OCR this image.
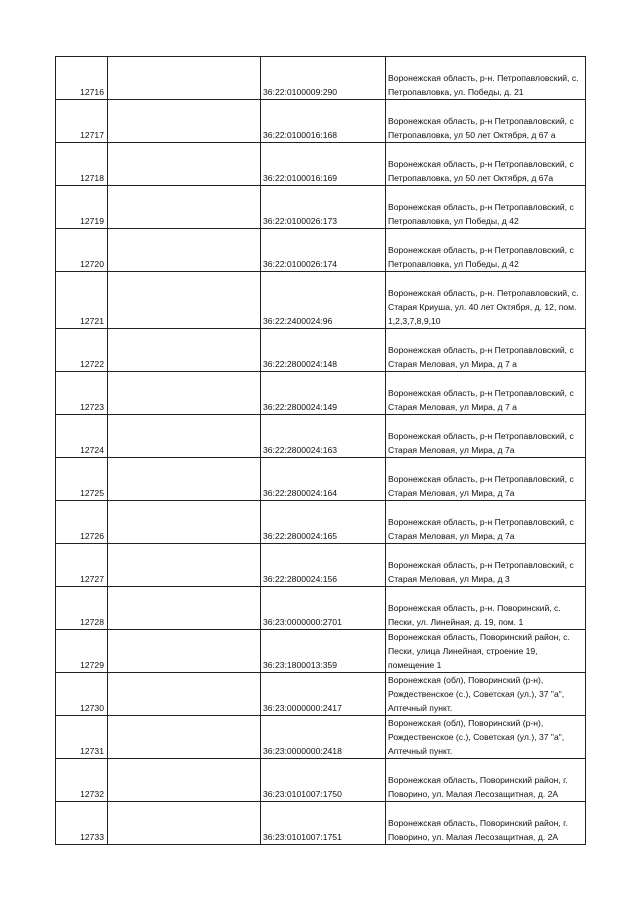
12716		36:22:0100009:290	Воронежская область, р-н. Петропавловский, с. Петропавловка, ул. Победы, д. 21
12717		36:22:0100016:168	Воронежская область, р-н Петропавловский, с Петропавловка, ул 50 лет Октября, д 67 а
12718		36:22:0100016:169	Воронежская область, р-н Петропавловский, с Петропавловка, ул 50 лет Октября, д 67а
12719		36:22:0100026:173	Воронежская область, р-н Петропавловский, с Петропавловка, ул Победы, д 42
12720		36:22:0100026:174	Воронежская область, р-н Петропавловский, с Петропавловка, ул Победы, д 42
12721		36:22:2400024:96	Воронежская область, р-н. Петропавловский, с. Старая Криуша, ул. 40 лет Октября, д. 12, пом. 1,2,3,7,8,9,10
12722		36:22:2800024:148	Воронежская область, р-н Петропавловский, с Старая Меловая, ул Мира, д 7 а
12723		36:22:2800024:149	Воронежская область, р-н Петропавловский, с Старая Меловая, ул Мира, д 7 а
12724		36:22:2800024:163	Воронежская область, р-н Петропавловский, с Старая Меловая, ул Мира, д 7а
12725		36:22:2800024:164	Воронежская область, р-н Петропавловский, с Старая Меловая, ул Мира, д 7а
12726		36:22:2800024:165	Воронежская область, р-н Петропавловский, с Старая Меловая, ул Мира, д 7а
12727		36:22:2800024:156	Воронежская область, р-н Петропавловский, с Старая Меловая, ул Мира, д 3
12728		36:23:0000000:2701	Воронежская область, р-н. Поворинский, с. Пески, ул. Линейная, д. 19, пом. 1
12729		36:23:1800013:359	Воронежская область, Поворинский район, с. Пески, улица Линейная, строение 19, помещение 1
12730		36:23:0000000:2417	Воронежская (обл), Поворинский (р-н), Рождественское (с.), Советская (ул.), 37 "а", Аптечный пункт.
12731		36:23:0000000:2418	Воронежская (обл), Поворинский (р-н), Рождественское (с.), Советская (ул.), 37 "а", Аптечный пункт.
12732		36:23:0101007:1750	Воронежская область, Поворинский район, г. Поворино, ул. Малая Лесозащитная, д. 2А
12733		36:23:0101007:1751	Воронежская область, Поворинский район, г. Поворино, ул. Малая Лесозащитная, д. 2А
